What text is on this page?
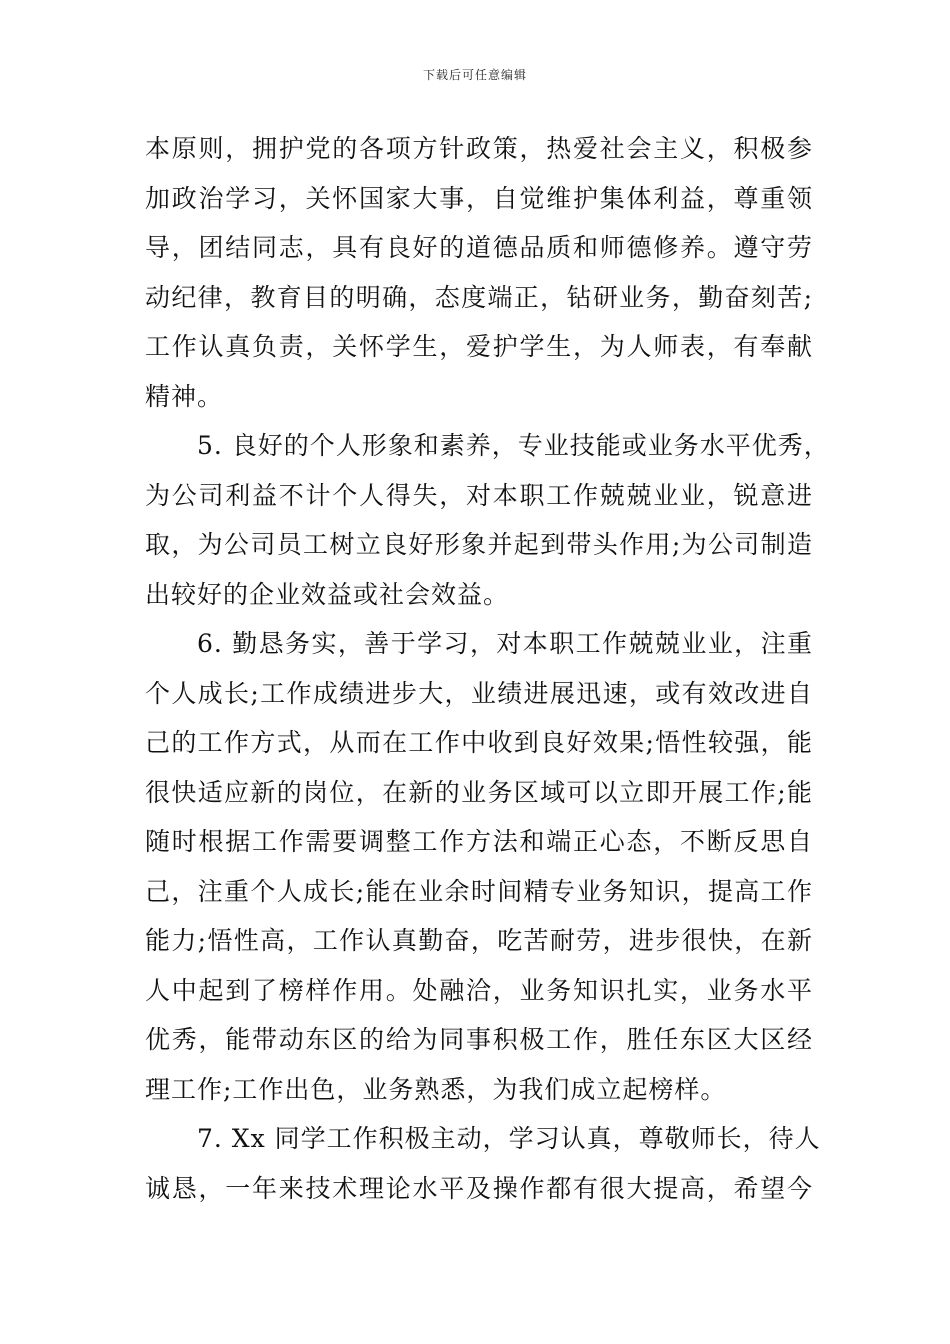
下载后可任意编辑
本原则，拥护党的各项方针政策，热爱社会主义，积极参
加政治学习，关怀国家大事，自觉维护集体利益，尊重领
导，团结同志，具有良好的道德品质和师德修养。遵守劳
动纪律，教育目的明确，态度端正，钻研业务，勤奋刻苦;
工作认真负责，关怀学生，爱护学生，为人师表，有奉献
精神。
5. 良好的个人形象和素养，专业技能或业务水平优秀，
为公司利益不计个人得失，对本职工作兢兢业业，锐意进
取，为公司员工树立良好形象并起到带头作用;为公司制造
出较好的企业效益或社会效益。
6. 勤恳务实，善于学习，对本职工作兢兢业业，注重
个人成长;工作成绩进步大，业绩进展迅速，或有效改进自
己的工作方式，从而在工作中收到良好效果;悟性较强，能
很快适应新的岗位，在新的业务区域可以立即开展工作;能
随时根据工作需要调整工作方法和端正心态，不断反思自
己，注重个人成长;能在业余时间精专业务知识，提高工作
能力;悟性高，工作认真勤奋，吃苦耐劳，进步很快，在新
人中起到了榜样作用。处融洽，业务知识扎实，业务水平
优秀，能带动东区的给为同事积极工作，胜任东区大区经
理工作;工作出色，业务熟悉，为我们成立起榜样。
7. Xx 同学工作积极主动，学习认真，尊敬师长，待人
诚恳，一年来技术理论水平及操作都有很大提高，希望今
